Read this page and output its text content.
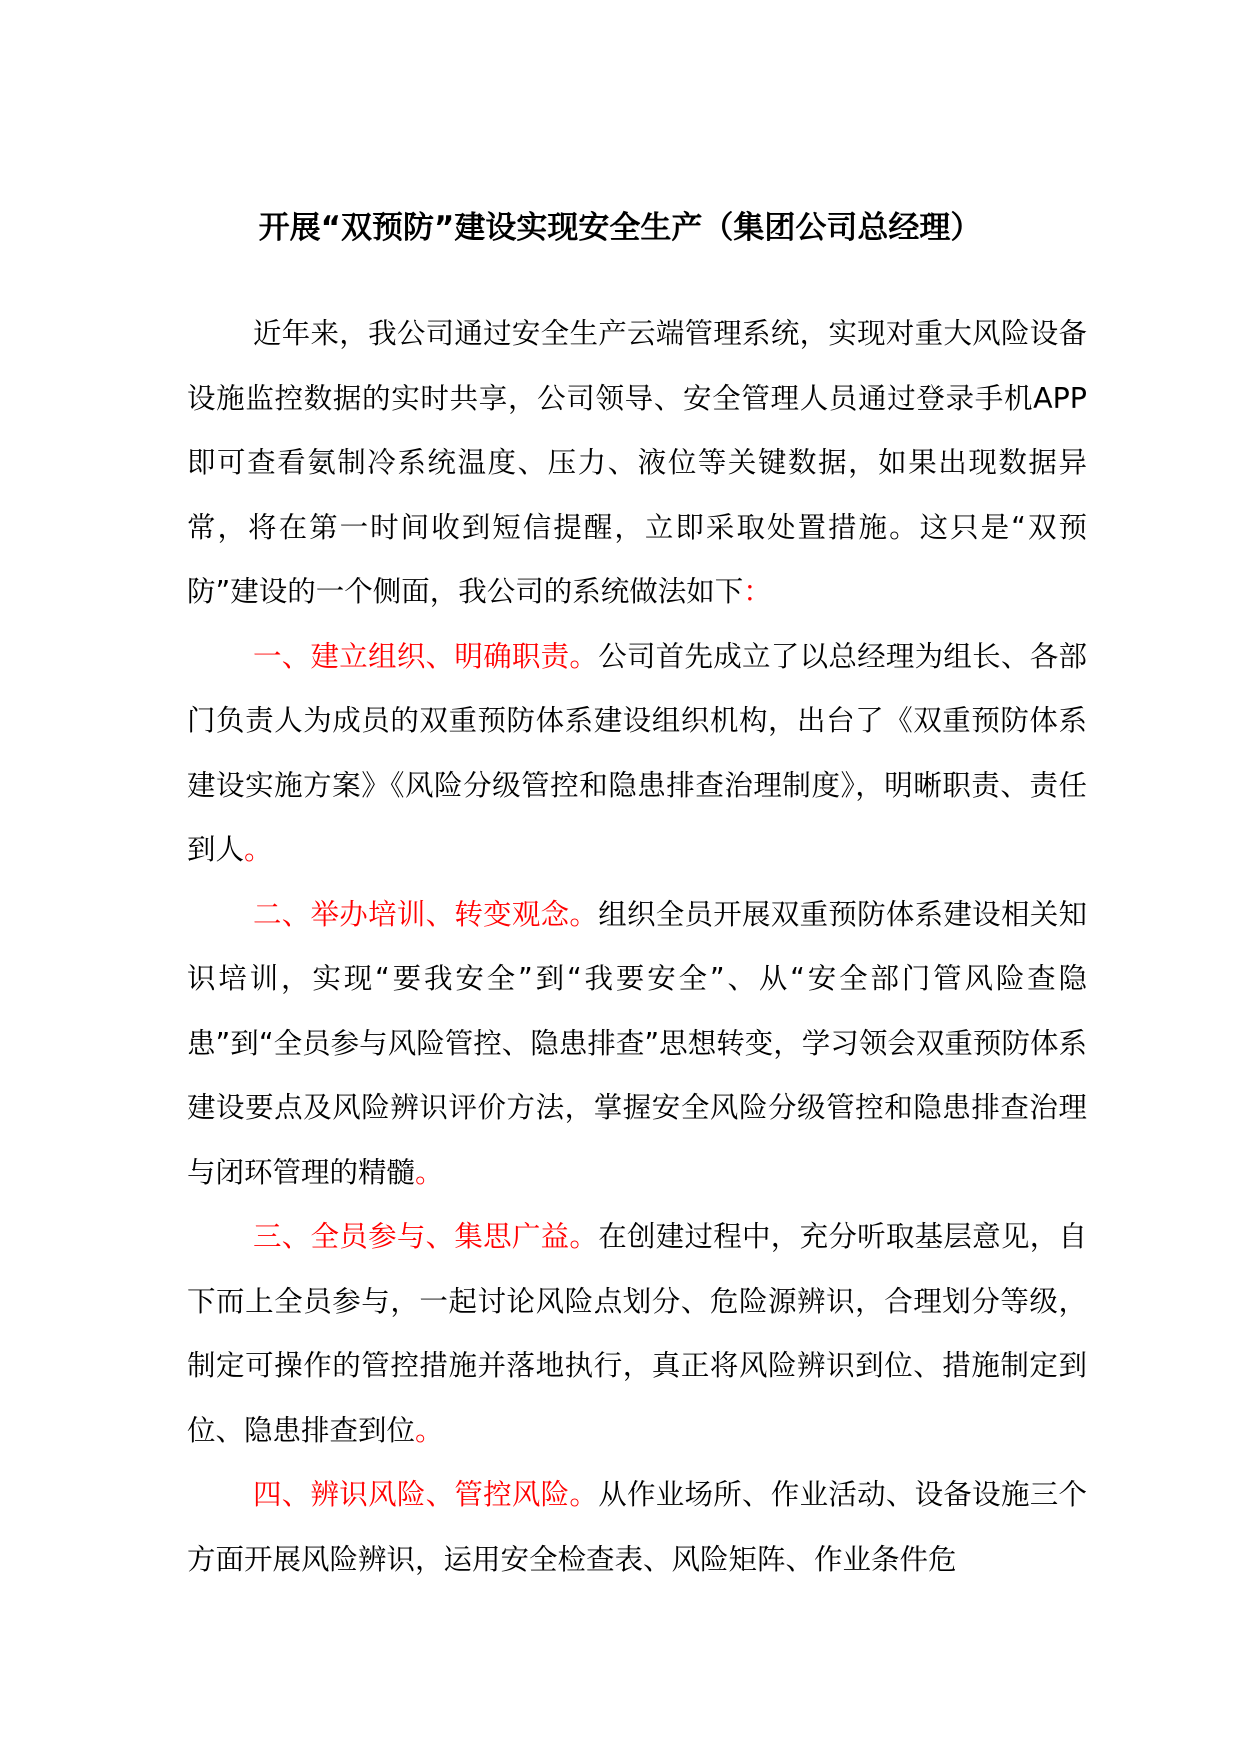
开展“双预防”建设实现安全生产（集团公司总经理）

近年来，我公司通过安全生产云端管理系统，实现对重大风险设备设施监控数据的实时共享，公司领导、安全管理人员通过登录手机APP即可查看氨制冷系统温度、压力、液位等关键数据，如果出现数据异常，将在第一时间收到短信提醒，立即采取处置措施。这只是“双预防”建设的一个侧面，我公司的系统做法如下：

一、建立组织、明确职责。公司首先成立了以总经理为组长、各部门负责人为成员的双重预防体系建设组织机构，出台了《双重预防体系建设实施方案》《风险分级管控和隐患排查治理制度》，明晰职责、责任到人。

二、举办培训、转变观念。组织全员开展双重预防体系建设相关知识培训，实现“要我安全”到“我要安全”、从“安全部门管风险查隐患”到“全员参与风险管控、隐患排查”思想转变，学习领会双重预防体系建设要点及风险辨识评价方法，掌握安全风险分级管控和隐患排查治理与闭环管理的精髓。

三、全员参与、集思广益。在创建过程中，充分听取基层意见，自下而上全员参与，一起讨论风险点划分、危险源辨识，合理划分等级，制定可操作的管控措施并落地执行，真正将风险辨识到位、措施制定到位、隐患排查到位。

四、辨识风险、管控风险。从作业场所、作业活动、设备设施三个方面开展风险辨识，运用安全检查表、风险矩阵、作业条件危
